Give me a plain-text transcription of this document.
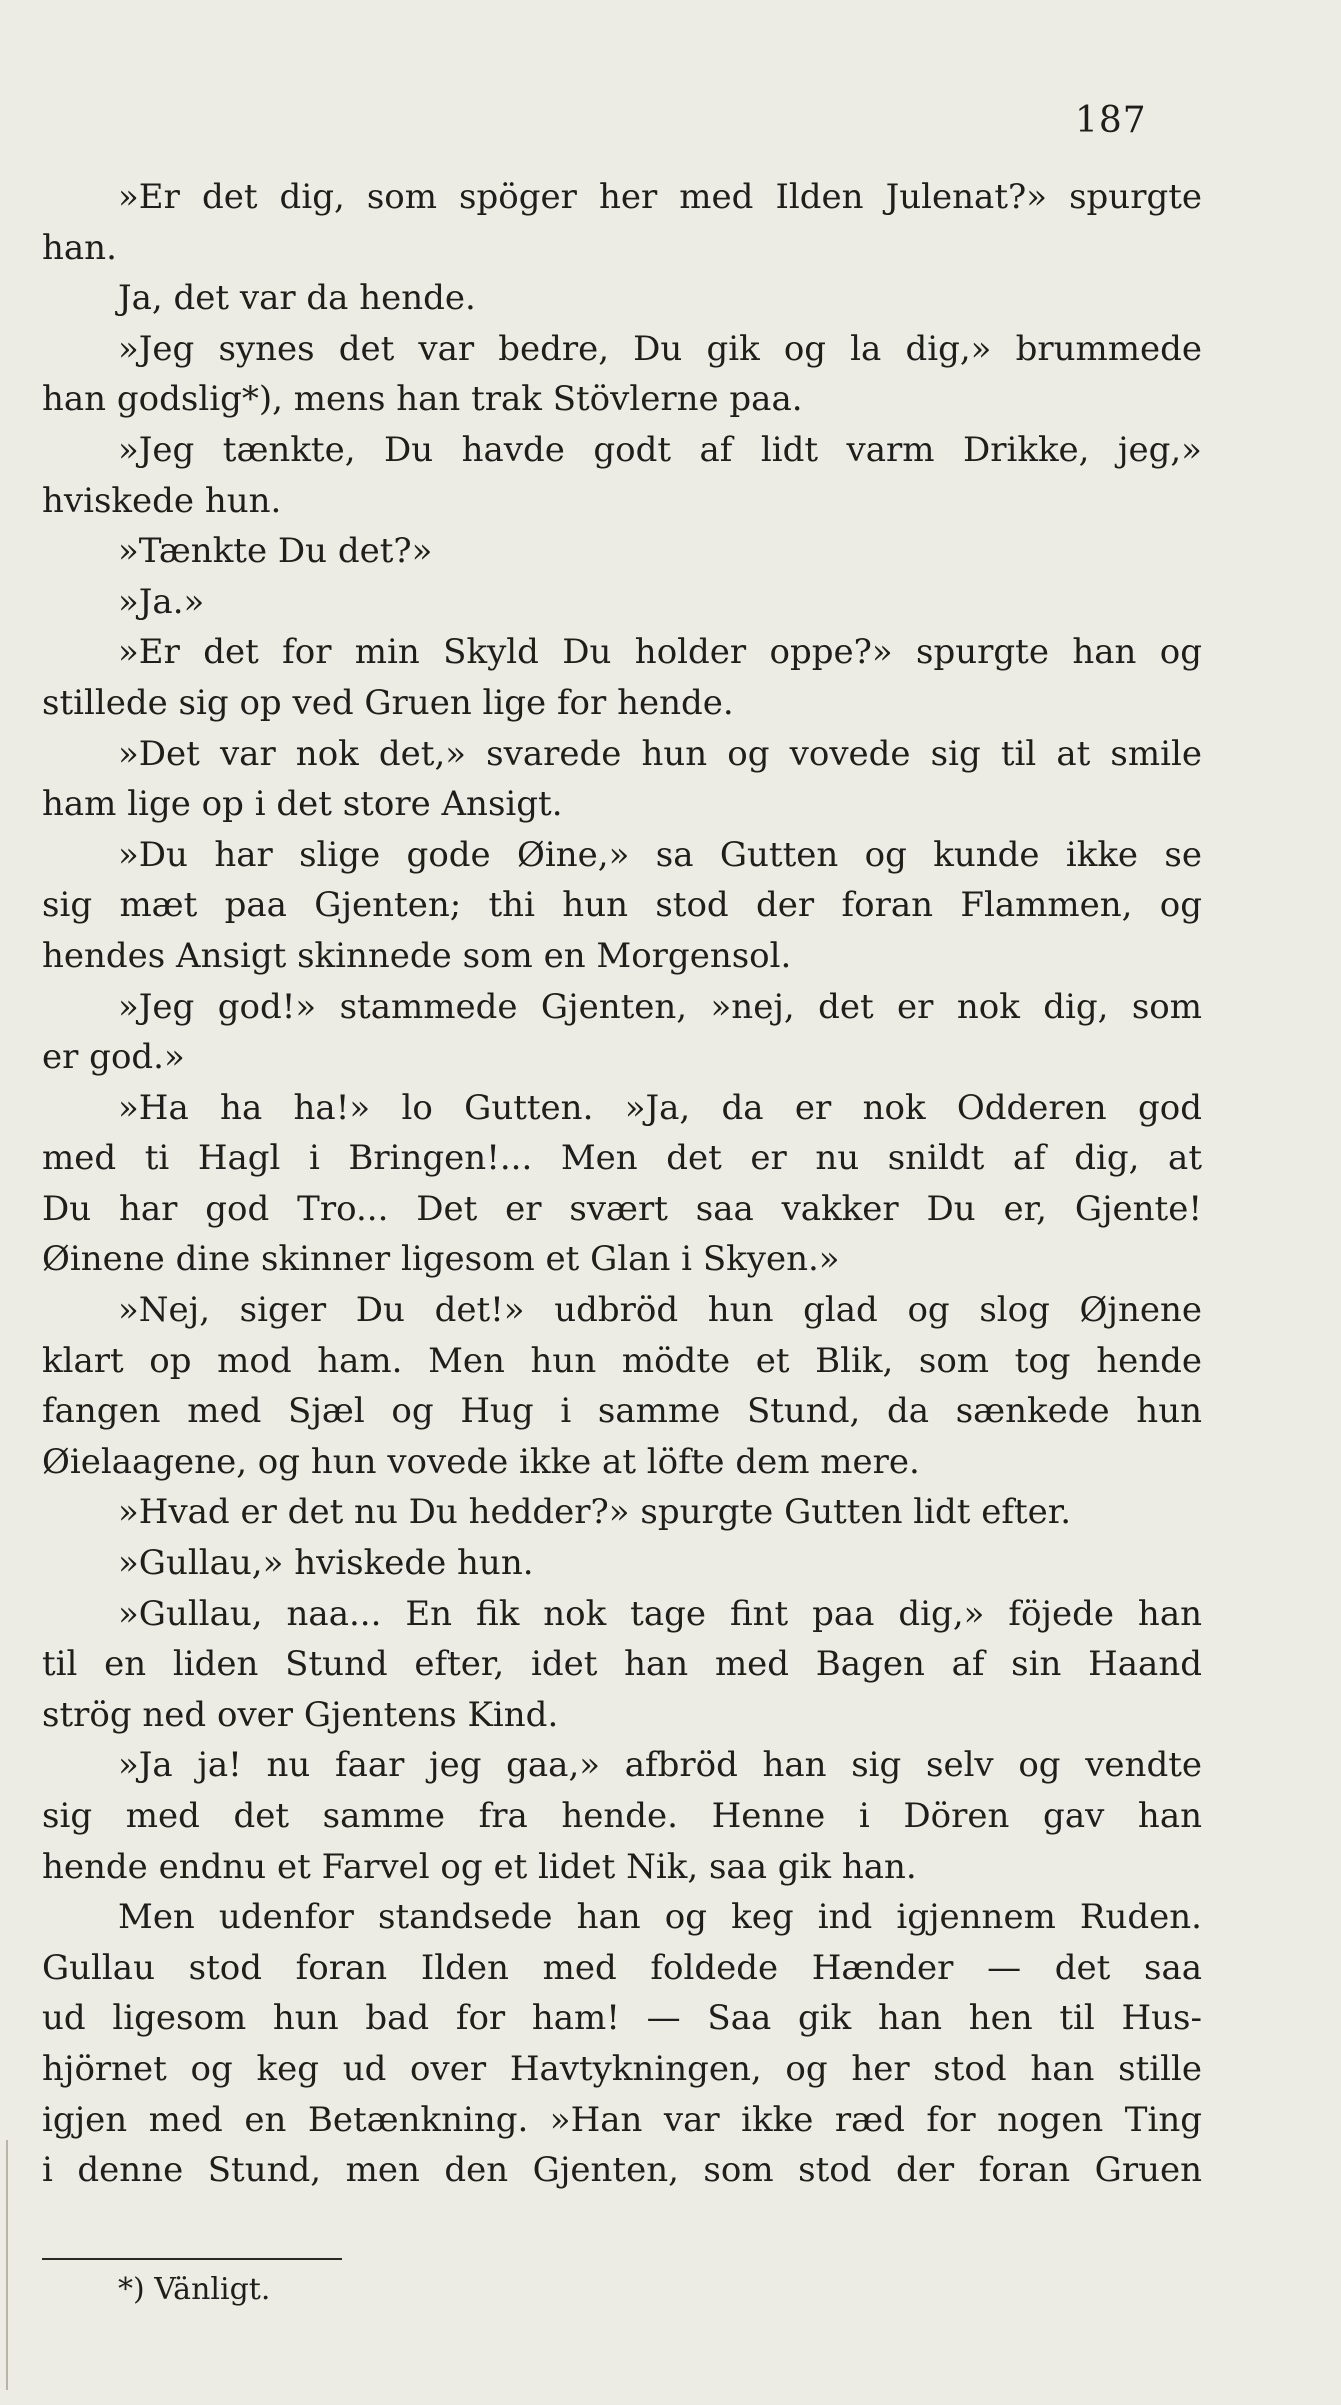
187
»Er det dig, som spöger her med Ilden Julenat?» spurgte
han.
Ja, det var da hende.
»Jeg synes det var bedre, Du gik og la dig,» brummede
han godslig*), mens han trak Stövlerne paa.
»Jeg tænkte, Du havde godt af lidt varm Drikke, jeg,»
hviskede hun.
»Tænkte Du det?»
»Ja.»
»Er det for min Skyld Du holder oppe?» spurgte han og
stillede sig op ved Gruen lige for hende.
»Det var nok det,» svarede hun og vovede sig til at smile
ham lige op i det store Ansigt.
»Du har slige gode Øine,» sa Gutten og kunde ikke se
sig mæt paa Gjenten; thi hun stod der foran Flammen, og
hendes Ansigt skinnede som en Morgensol.
»Jeg god!» stammede Gjenten, »nej, det er nok dig, som
er god.»
»Ha ha ha!» lo Gutten. »Ja, da er nok Odderen god
med ti Hagl i Bringen!... Men det er nu snildt af dig, at
Du har god Tro... Det er svært saa vakker Du er, Gjente!
Øinene dine skinner ligesom et Glan i Skyen.»
»Nej, siger Du det!» udbröd hun glad og slog Øjnene
klart op mod ham. Men hun mödte et Blik, som tog hende
fangen med Sjæl og Hug i samme Stund, da sænkede hun
Øielaagene, og hun vovede ikke at löfte dem mere.
»Hvad er det nu Du hedder?» spurgte Gutten lidt efter.
»Gullau,» hviskede hun.
»Gullau, naa... En fik nok tage fint paa dig,» föjede han
til en liden Stund efter, idet han med Bagen af sin Haand
strög ned over Gjentens Kind.
»Ja ja! nu faar jeg gaa,» afbröd han sig selv og vendte
sig med det samme fra hende. Henne i Dören gav han
hende endnu et Farvel og et lidet Nik, saa gik han.
Men udenfor standsede han og keg ind igjennem Ruden.
Gullau stod foran Ilden med foldede Hænder — det saa
ud ligesom hun bad for ham! — Saa gik han hen til Hus-
hjörnet og keg ud over Havtykningen, og her stod han stille
igjen med en Betænkning. »Han var ikke ræd for nogen Ting
i denne Stund, men den Gjenten, som stod der foran Gruen
*) Vänligt.
